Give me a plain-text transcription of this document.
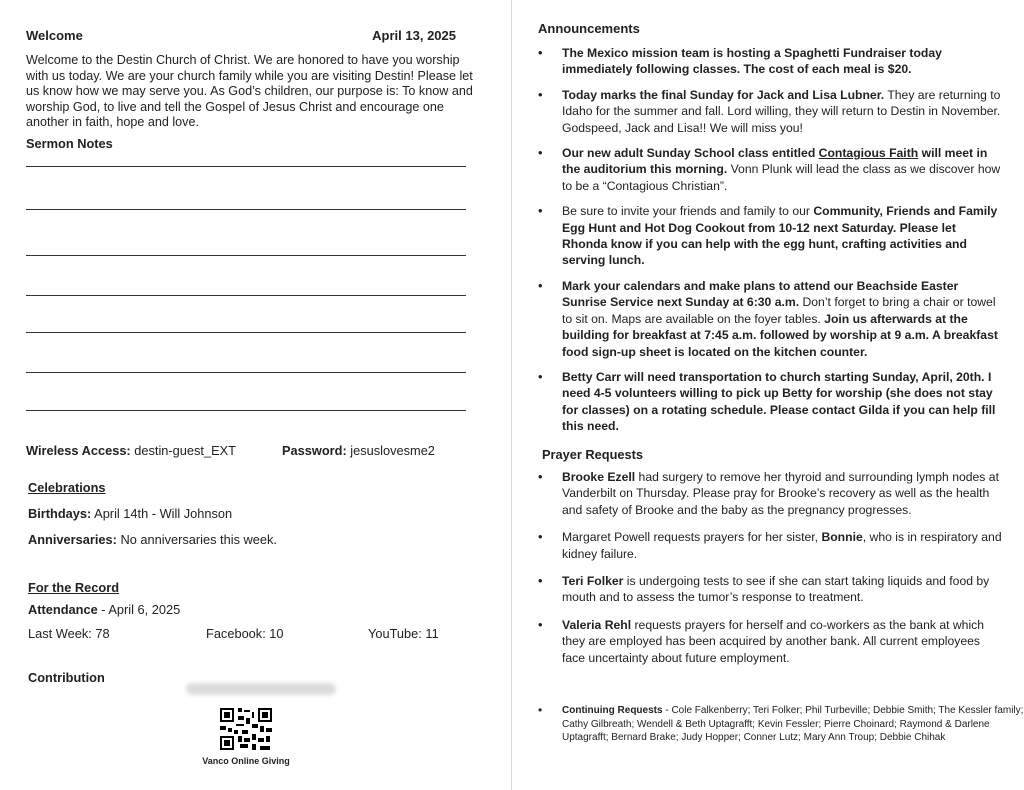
Welcome	April 13, 2025
Welcome to the Destin Church of Christ. We are honored to have you worship with us today. We are your church family while you are visiting Destin! Please let us know how we may serve you. As God’s children, our purpose is: To know and worship God, to live and tell the Gospel of Jesus Christ and encourage one another in faith, hope and love.
Sermon Notes
Wireless Access: destin-guest_EXT	Password: jesuslovesme2
Celebrations
Birthdays: April 14th - Will Johnson
Anniversaries: No anniversaries this week.
For the Record
Attendance - April 6, 2025
Last Week: 78	Facebook: 10	YouTube: 11
Contribution
Vanco Online Giving
Announcements
• The Mexico mission team is hosting a Spaghetti Fundraiser today immediately following classes. The cost of each meal is $20.
• Today marks the final Sunday for Jack and Lisa Lubner. They are returning to Idaho for the summer and fall. Lord willing, they will return to Destin in November. Godspeed, Jack and Lisa!! We will miss you!
• Our new adult Sunday School class entitled Contagious Faith will meet in the auditorium this morning. Vonn Plunk will lead the class as we discover how to be a “Contagious Christian”.
• Be sure to invite your friends and family to our Community, Friends and Family Egg Hunt and Hot Dog Cookout from 10-12 next Saturday. Please let Rhonda know if you can help with the egg hunt, crafting activities and serving lunch.
• Mark your calendars and make plans to attend our Beachside Easter Sunrise Service next Sunday at 6:30 a.m. Don’t forget to bring a chair or towel to sit on. Maps are available on the foyer tables. Join us afterwards at the building for breakfast at 7:45 a.m. followed by worship at 9 a.m. A breakfast food sign-up sheet is located on the kitchen counter.
• Betty Carr will need transportation to church starting Sunday, April, 20th. I need 4-5 volunteers willing to pick up Betty for worship (she does not stay for classes) on a rotating schedule. Please contact Gilda if you can help fill this need.
Prayer Requests
• Brooke Ezell had surgery to remove her thyroid and surrounding lymph nodes at Vanderbilt on Thursday. Please pray for Brooke’s recovery as well as the health and safety of Brooke and the baby as the pregnancy progresses.
• Margaret Powell requests prayers for her sister, Bonnie, who is in respiratory and kidney failure.
• Teri Folker is undergoing tests to see if she can start taking liquids and food by mouth and to assess the tumor’s response to treatment.
• Valeria Rehl requests prayers for herself and co-workers as the bank at which they are employed has been acquired by another bank. All current employees face uncertainty about future employment.
• Continuing Requests - Cole Falkenberry; Teri Folker; Phil Turbeville; Debbie Smith; The Kessler family; Cathy Gilbreath; Wendell & Beth Uptagrafft; Kevin Fessler; Pierre Choinard; Raymond & Darlene Uptagrafft; Bernard Brake; Judy Hopper; Conner Lutz; Mary Ann Troup; Debbie Chihak
